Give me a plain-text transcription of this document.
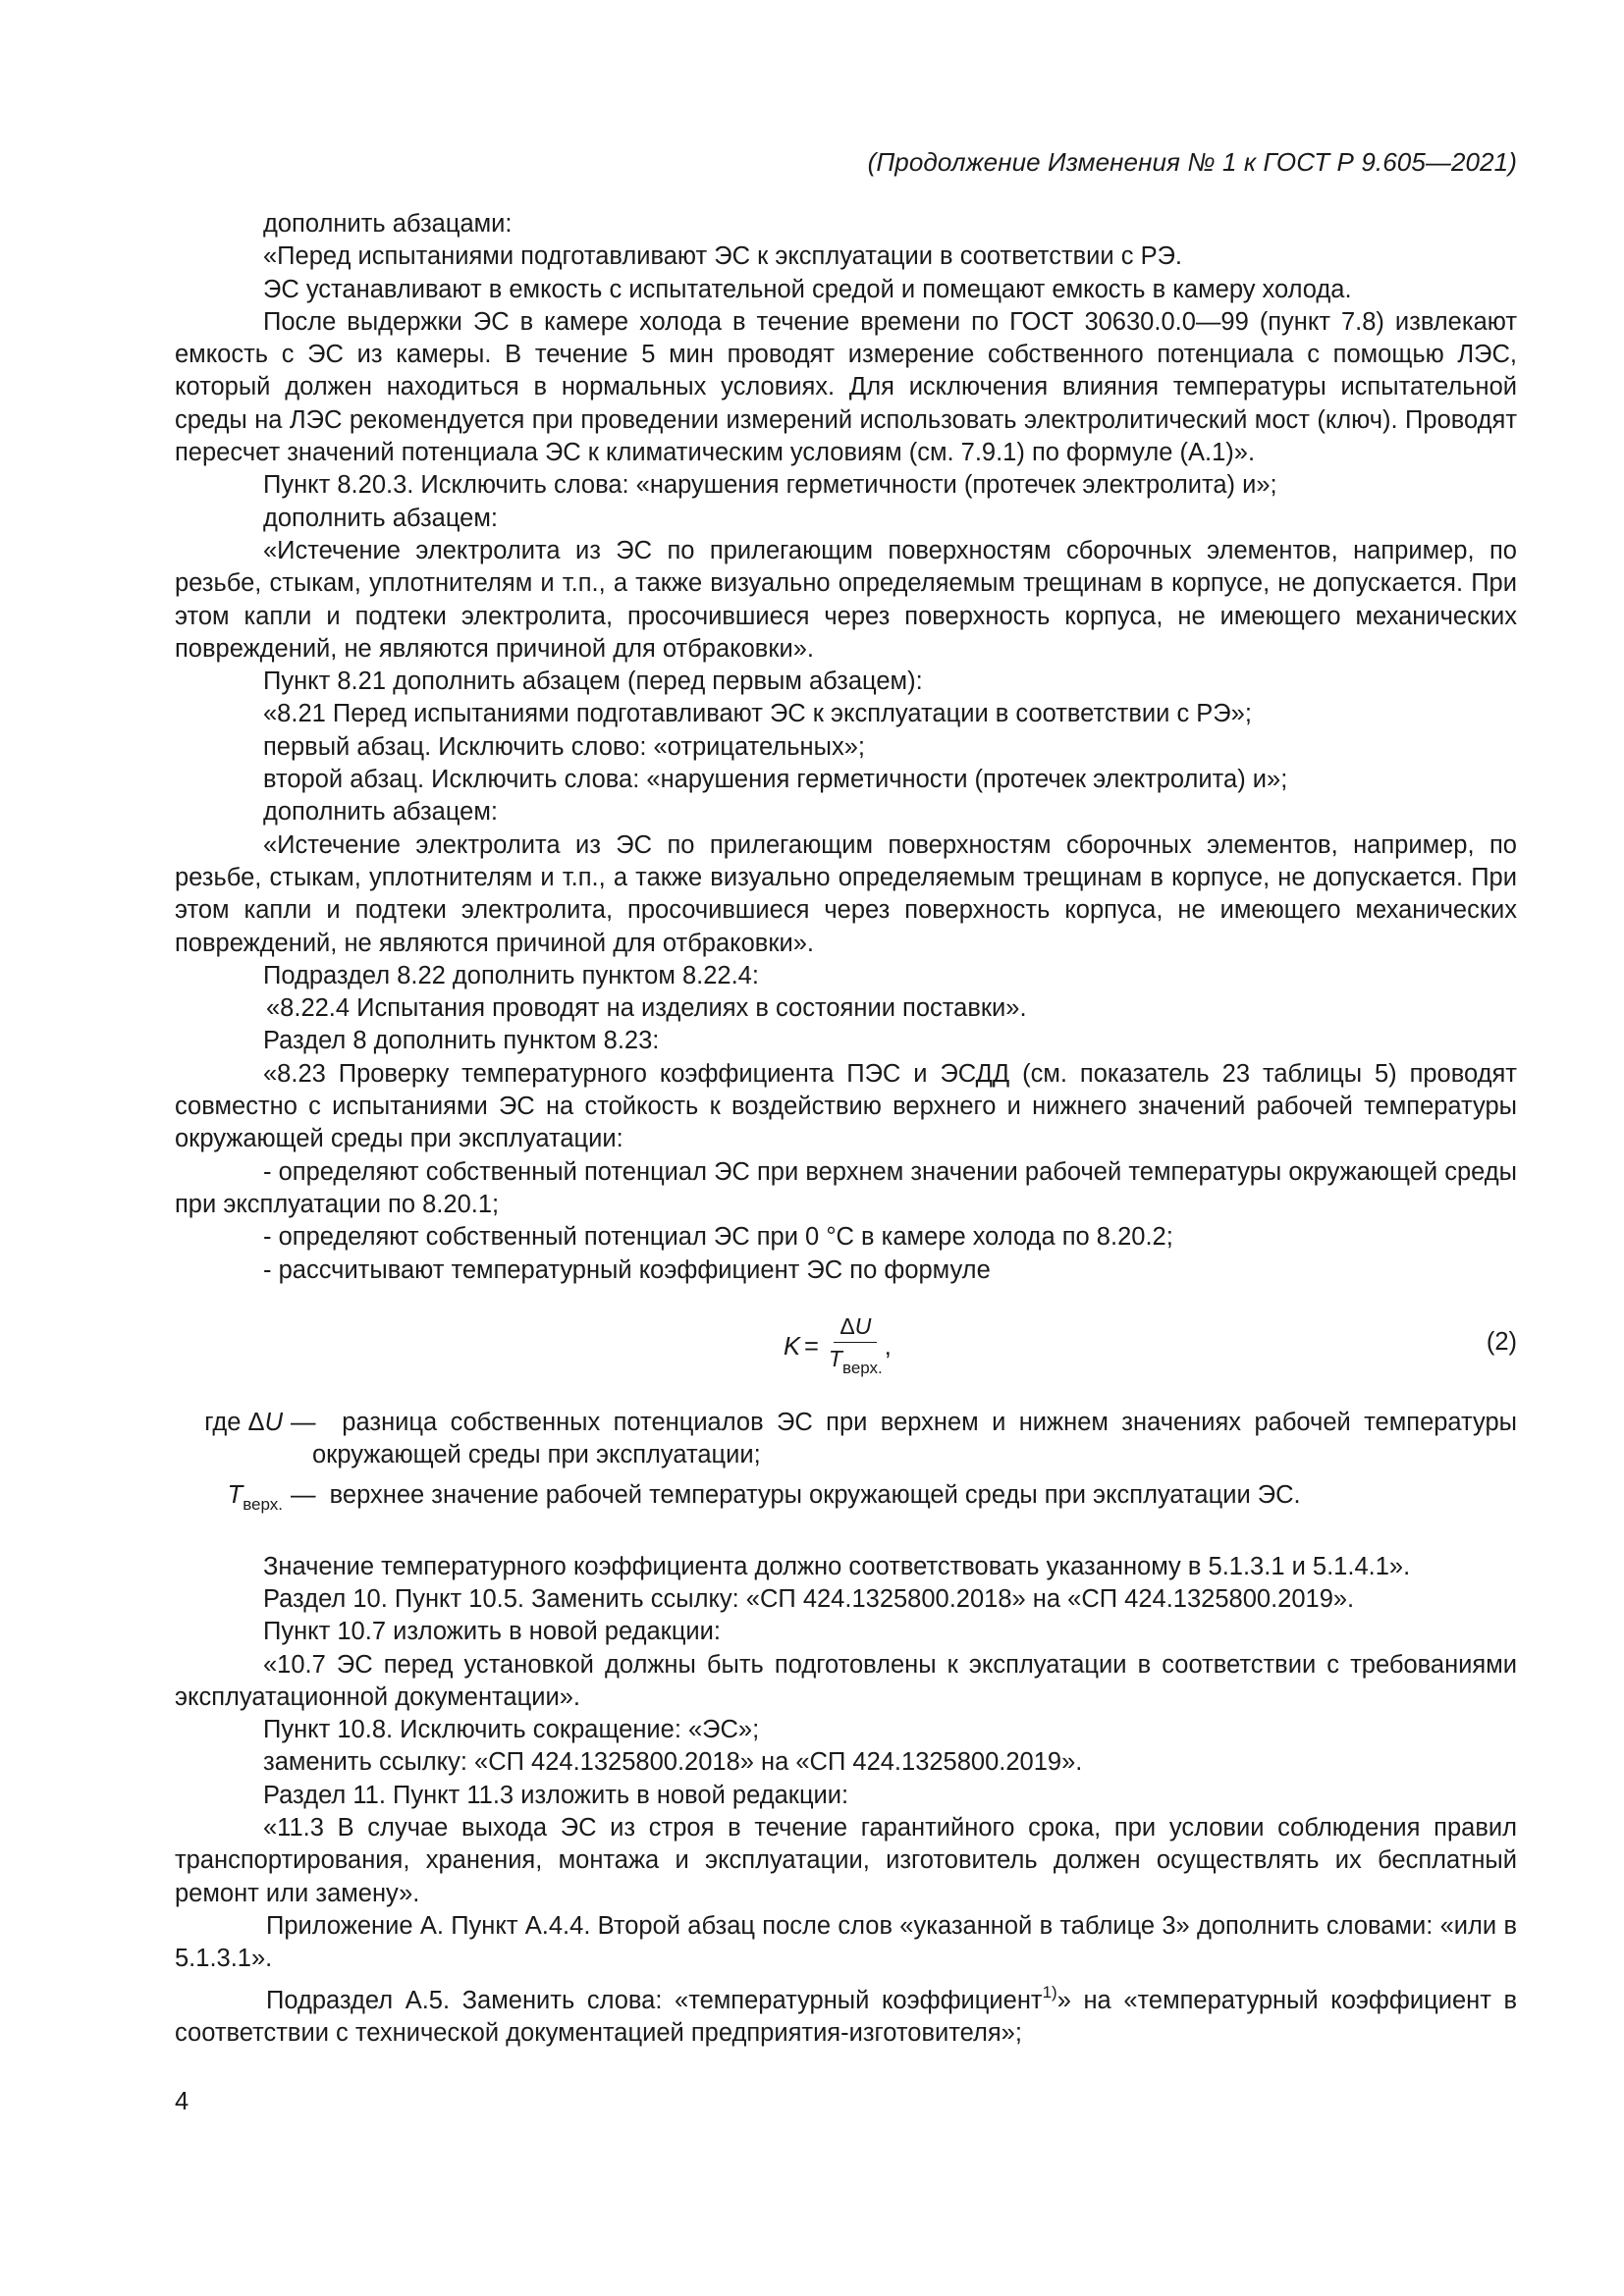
(Продолжение Изменения № 1 к ГОСТ Р 9.605—2021)

дополнить абзацами:

«Перед испытаниями подготавливают ЭС к эксплуатации в соответствии с РЭ.

ЭС устанавливают в емкость с испытательной средой и помещают емкость в камеру холода.

После выдержки ЭС в камере холода в течение времени по ГОСТ 30630.0.0—99 (пункт 7.8) извлекают емкость с ЭС из камеры. В течение 5 мин проводят измерение собственного потенциала с помощью ЛЭС, который должен находиться в нормальных условиях. Для исключения влияния температуры испытательной среды на ЛЭС рекомендуется при проведении измерений использовать электролитический мост (ключ). Проводят пересчет значений потенциала ЭС к климатическим условиям (см. 7.9.1) по формуле (А.1)».

Пункт 8.20.3. Исключить слова: «нарушения герметичности (протечек электролита) и»;

дополнить абзацем:

«Истечение электролита из ЭС по прилегающим поверхностям сборочных элементов, например, по резьбе, стыкам, уплотнителям и т.п., а также визуально определяемым трещинам в корпусе, не допускается. При этом капли и подтеки электролита, просочившиеся через поверхность корпуса, не имеющего механических повреждений, не являются причиной для отбраковки».

Пункт 8.21 дополнить абзацем (перед первым абзацем):

«8.21 Перед испытаниями подготавливают ЭС к эксплуатации в соответствии с РЭ»;

первый абзац. Исключить слово: «отрицательных»;

второй абзац. Исключить слова: «нарушения герметичности (протечек электролита) и»;

дополнить абзацем:

«Истечение электролита из ЭС по прилегающим поверхностям сборочных элементов, например, по резьбе, стыкам, уплотнителям и т.п., а также визуально определяемым трещинам в корпусе, не допускается. При этом капли и подтеки электролита, просочившиеся через поверхность корпуса, не имеющего механических повреждений, не являются причиной для отбраковки».

Подраздел 8.22 дополнить пунктом 8.22.4:

«8.22.4 Испытания проводят на изделиях в состоянии поставки».

Раздел 8 дополнить пунктом 8.23:

«8.23 Проверку температурного коэффициента ПЭС и ЭСДД (см. показатель 23 таблицы 5) проводят совместно с испытаниями ЭС на стойкость к воздействию верхнего и нижнего значений рабочей температуры окружающей среды при эксплуатации:

- определяют собственный потенциал ЭС при верхнем значении рабочей температуры окружающей среды при эксплуатации по 8.20.1;

- определяют собственный потенциал ЭС при 0 °С в камере холода по 8.20.2;

- рассчитывают температурный коэффициент ЭС по формуле

$K = \frac{\Delta U}{T_{верх.}}$ ,	(2)
где ΔU — разница собственных потенциалов ЭС при верхнем и нижнем значениях рабочей температуры окружающей среды при эксплуатации;

$T_{верх.}$ — верхнее значение рабочей температуры окружающей среды при эксплуатации ЭС.

Значение температурного коэффициента должно соответствовать указанному в 5.1.3.1 и 5.1.4.1».

Раздел 10. Пункт 10.5. Заменить ссылку: «СП 424.1325800.2018» на «СП 424.1325800.2019».

Пункт 10.7 изложить в новой редакции:

«10.7 ЭС перед установкой должны быть подготовлены к эксплуатации в соответствии с требованиями эксплуатационной документации».

Пункт 10.8. Исключить сокращение: «ЭС»;

заменить ссылку: «СП 424.1325800.2018» на «СП 424.1325800.2019».

Раздел 11. Пункт 11.3 изложить в новой редакции:

«11.3 В случае выхода ЭС из строя в течение гарантийного срока, при условии соблюдения правил транспортирования, хранения, монтажа и эксплуатации, изготовитель должен осуществлять их бесплатный ремонт или замену».

Приложение А. Пункт А.4.4. Второй абзац после слов «указанной в таблице 3» дополнить словами: «или в 5.1.3.1».

Подраздел А.5. Заменить слова: «температурный коэффициент$^{1)}$» на «температурный коэффициент в соответствии с технической документацией предприятия-изготовителя»;

4
